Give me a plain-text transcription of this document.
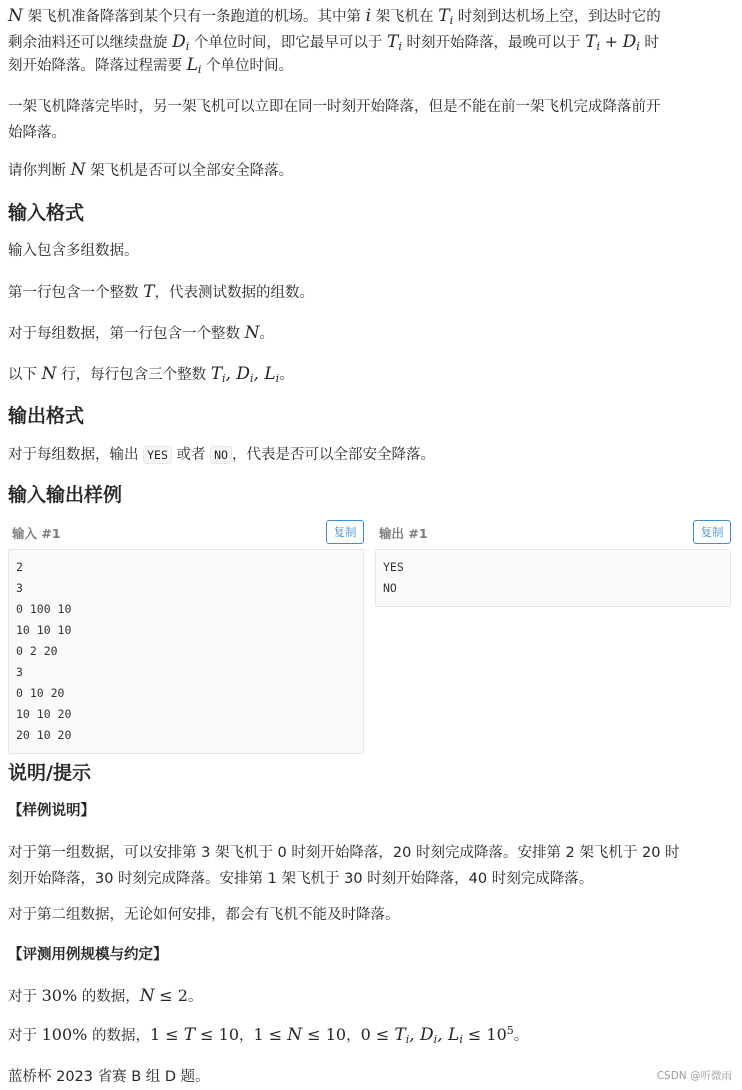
N 架飞机准备降落到某个只有一条跑道的机场。其中第 i 架飞机在 $T_i$ 时刻到达机场上空，到达时它的

剩余油料还可以继续盘旋 $D_i$ 个单位时间，即它最早可以于 $T_i$ 时刻开始降落，最晚可以于 $T_i + D_i$ 时

刻开始降落。降落过程需要 $L_i$ 个单位时间。

一架飞机降落完毕时，另一架飞机可以立即在同一时刻开始降落，但是不能在前一架飞机完成降落前开
始降落。

请你判断 N 架飞机是否可以全部安全降落。

输入格式

输入包含多组数据。

第一行包含一个整数 T，代表测试数据的组数。

对于每组数据，第一行包含一个整数 N。

以下 N 行，每行包含三个整数 $T_i$, $D_i$, $L_i$。

输出格式

对于每组数据，输出 YES 或者 NO ，代表是否可以全部安全降落。

输入输出样例
输入 #1	复制
2
3
0 100 10
10 10 10
0 2 20
3
0 10 20
10 10 20
20 10 20
输出 #1	复制
YES
NO
说明/提示

【样例说明】

对于第一组数据，可以安排第 3 架飞机于 0 时刻开始降落，20 时刻完成降落。安排第 2 架飞机于 20 时
刻开始降落，30 时刻完成降落。安排第 1 架飞机于 30 时刻开始降落，40 时刻完成降落。

对于第二组数据，无论如何安排，都会有飞机不能及时降落。

【评测用例规模与约定】

对于 30% 的数据，N ≤ 2。

对于 100% 的数据，1 ≤ T ≤ 10，1 ≤ N ≤ 10，$0 \le T_i$, $D_i$, $L_i \le 10^5$。

蓝桥杯 2023 省赛 B 组 D 题。	CSDN @听微雨
